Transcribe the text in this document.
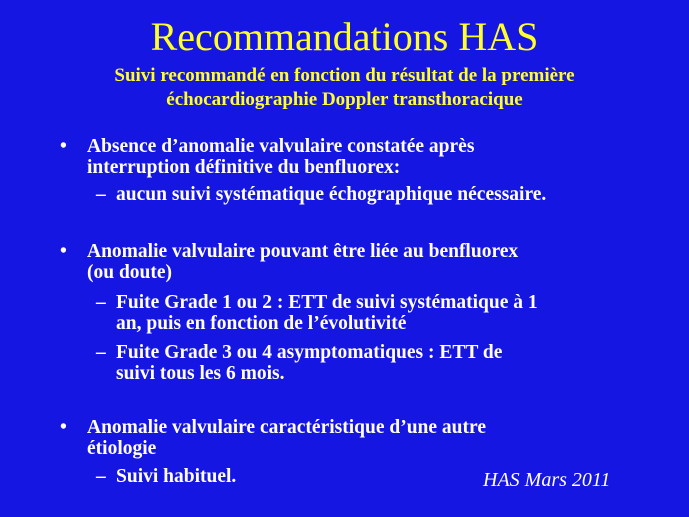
Recommandations HAS
Suivi recommandé en fonction du résultat de la première
échocardiographie Doppler transthoracique
• Absence d’anomalie valvulaire constatée après
interruption définitive du benfluorex:
– aucun suivi systématique échographique nécessaire.
• Anomalie valvulaire pouvant être liée au benfluorex
(ou doute)
– Fuite Grade 1 ou 2 : ETT de suivi systématique à 1
an, puis en fonction de l’évolutivité
– Fuite Grade 3 ou 4 asymptomatiques : ETT de
suivi tous les 6 mois.
• Anomalie valvulaire caractéristique d’une autre
étiologie
– Suivi habituel.	HAS Mars 2011
